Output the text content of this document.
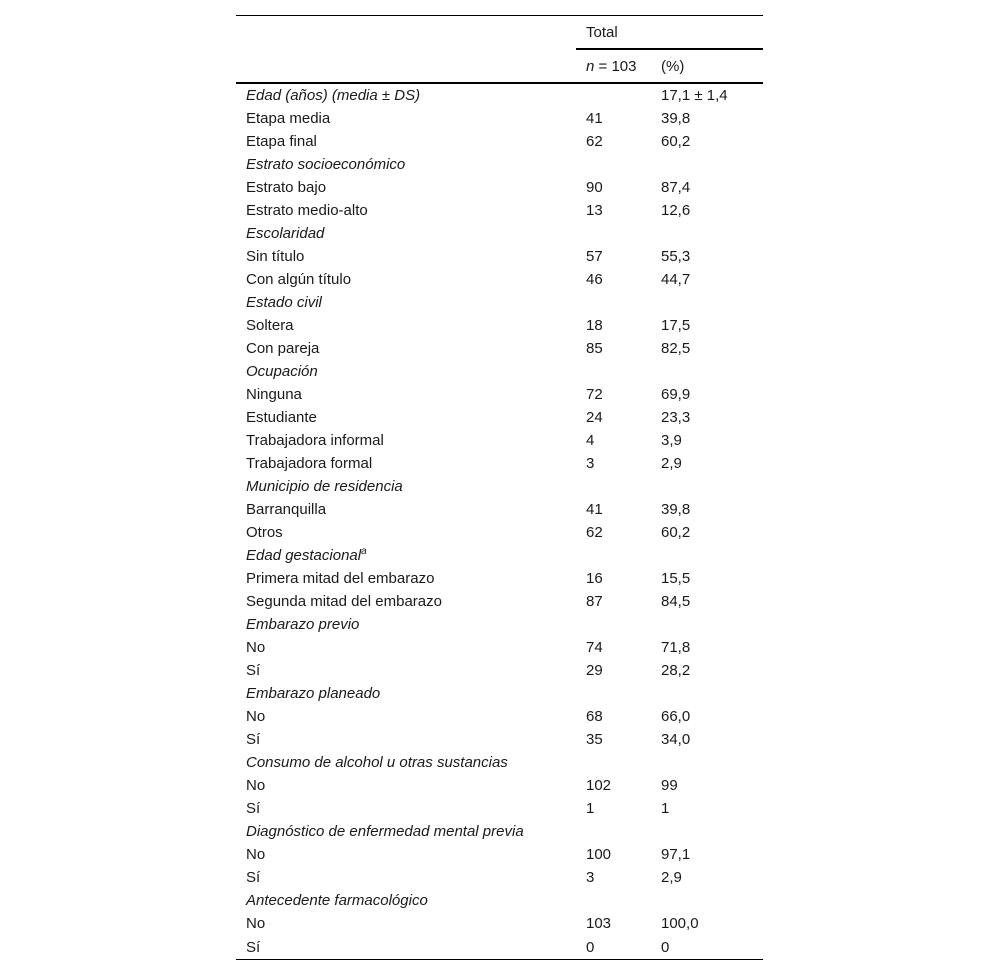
	Total	
	n = 103	(%)
Edad (años) (media ± DS)		17,1 ± 1,4
Etapa media	41	39,8
Etapa final	62	60,2
Estrato socioeconómico		
Estrato bajo	90	87,4
Estrato medio-alto	13	12,6
Escolaridad		
Sin título	57	55,3
Con algún título	46	44,7
Estado civil		
Soltera	18	17,5
Con pareja	85	82,5
Ocupación		
Ninguna	72	69,9
Estudiante	24	23,3
Trabajadora informal	4	3,9
Trabajadora formal	3	2,9
Municipio de residencia		
Barranquilla	41	39,8
Otros	62	60,2
Edad gestacional$^a$		
Primera mitad del embarazo	16	15,5
Segunda mitad del embarazo	87	84,5
Embarazo previo		
No	74	71,8
Sí	29	28,2
Embarazo planeado		
No	68	66,0
Sí	35	34,0
Consumo de alcohol u otras sustancias		
No	102	99
Sí	1	1
Diagnóstico de enfermedad mental previa		
No	100	97,1
Sí	3	2,9
Antecedente farmacológico		
No	103	100,0
Sí	0	0
